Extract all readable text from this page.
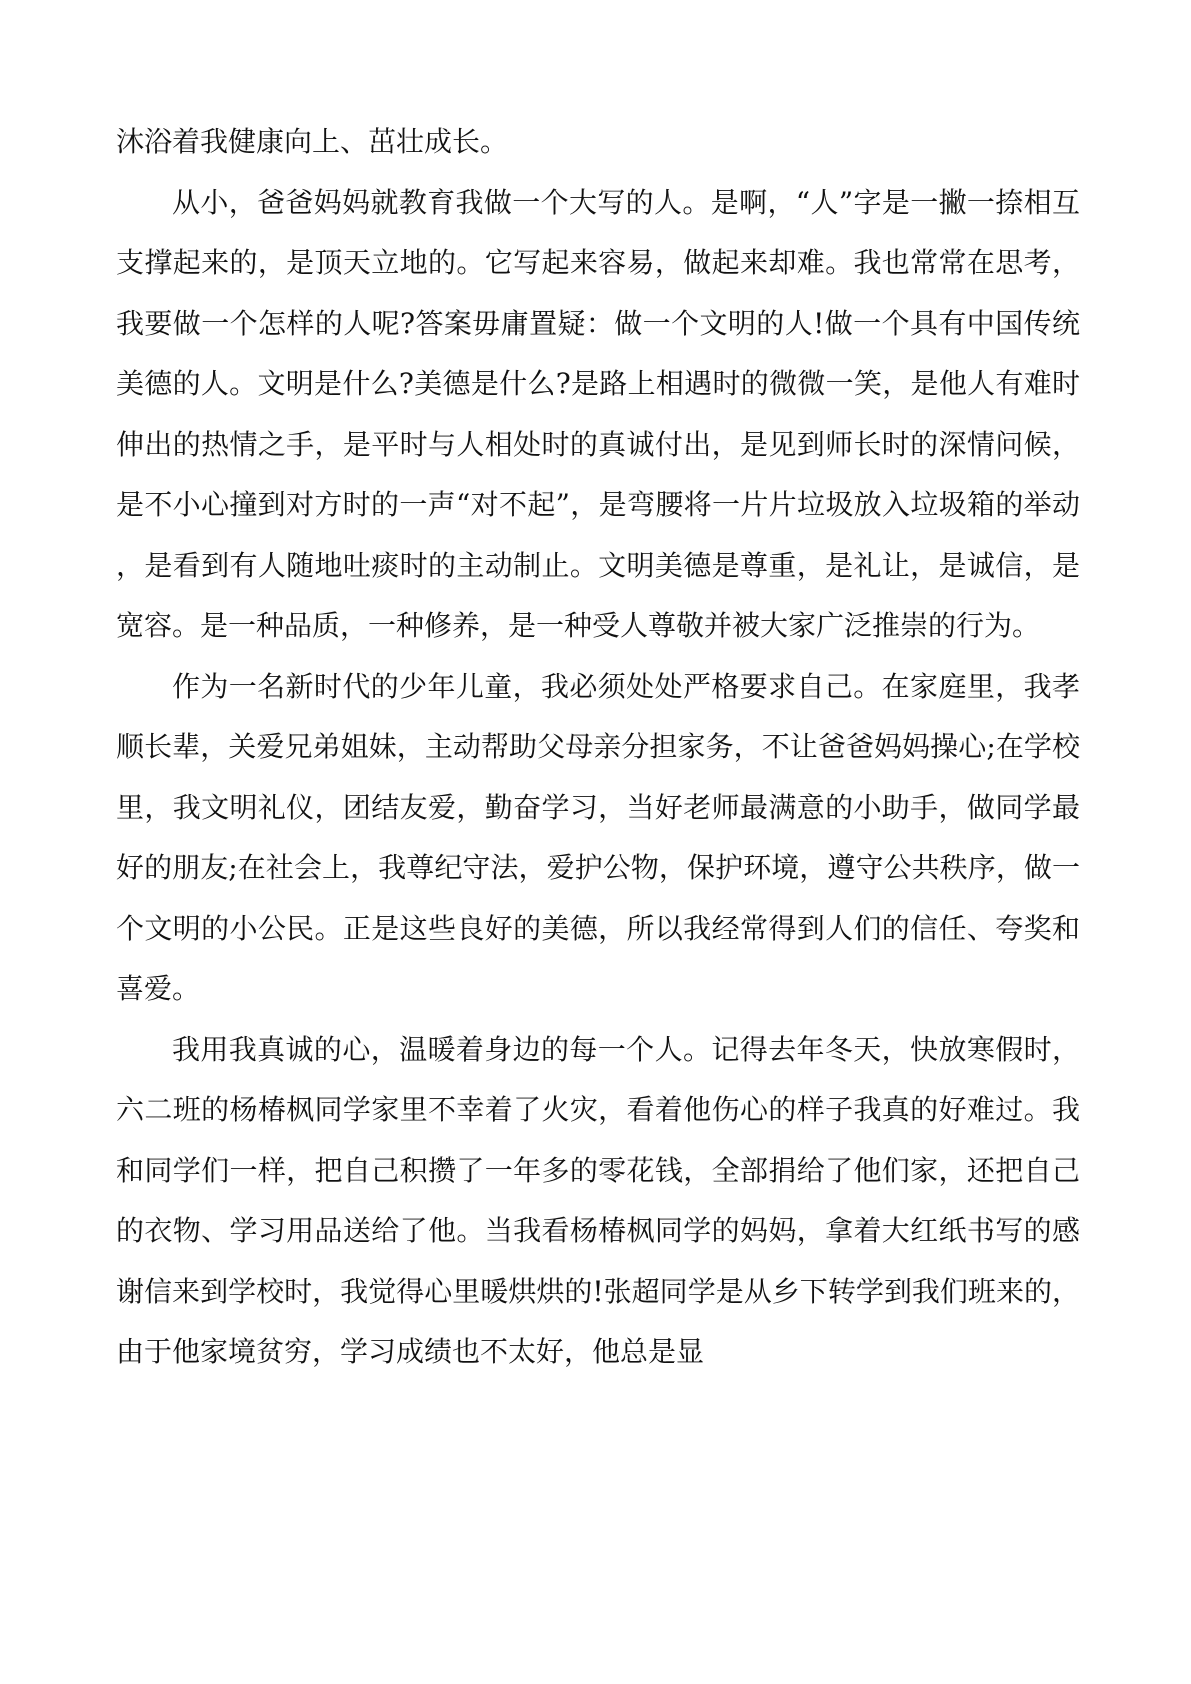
沐浴着我健康向上、茁壮成长。

从小，爸爸妈妈就教育我做一个大写的人。是啊，“人”字是一撇一捺相互支撑起来的，是顶天立地的。它写起来容易，做起来却难。我也常常在思考，我要做一个怎样的人呢?答案毋庸置疑：做一个文明的人!做一个具有中国传统美德的人。文明是什么?美德是什么?是路上相遇时的微微一笑，是他人有难时伸出的热情之手，是平时与人相处时的真诚付出，是见到师长时的深情问候，是不小心撞到对方时的一声“对不起”，是弯腰将一片片垃圾放入垃圾箱的举动，是看到有人随地吐痰时的主动制止。文明美德是尊重，是礼让，是诚信，是宽容。是一种品质，一种修养，是一种受人尊敬并被大家广泛推崇的行为。

作为一名新时代的少年儿童，我必须处处严格要求自己。在家庭里，我孝顺长辈，关爱兄弟姐妹，主动帮助父母亲分担家务，不让爸爸妈妈操心;在学校里，我文明礼仪，团结友爱，勤奋学习，当好老师最满意的小助手，做同学最好的朋友;在社会上，我尊纪守法，爱护公物，保护环境，遵守公共秩序，做一个文明的小公民。正是这些良好的美德，所以我经常得到人们的信任、夸奖和喜爱。

我用我真诚的心，温暖着身边的每一个人。记得去年冬天，快放寒假时，六二班的杨椿枫同学家里不幸着了火灾，看着他伤心的样子我真的好难过。我和同学们一样，把自己积攒了一年多的零花钱，全部捐给了他们家，还把自己的衣物、学习用品送给了他。当我看杨椿枫同学的妈妈，拿着大红纸书写的感谢信来到学校时，我觉得心里暖烘烘的!张超同学是从乡下转学到我们班来的，由于他家境贫穷，学习成绩也不太好，他总是显
